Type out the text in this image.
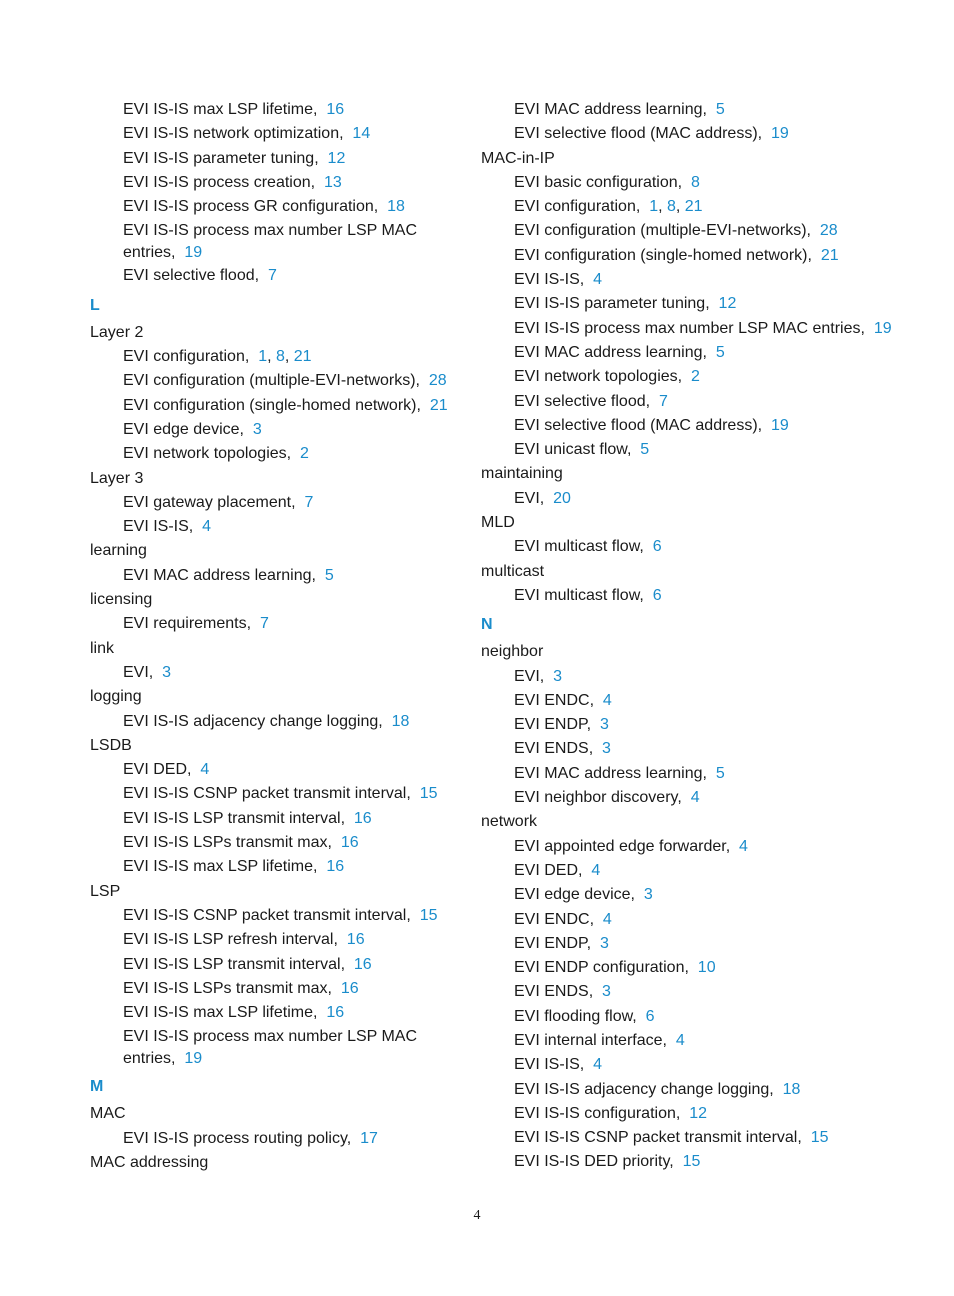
EVI IS-IS max LSP lifetime, 16
EVI IS-IS network optimization, 14
EVI IS-IS parameter tuning, 12
EVI IS-IS process creation, 13
EVI IS-IS process GR configuration, 18
EVI IS-IS process max number LSP MAC entries, 19
EVI selective flood, 7
L
Layer 2
EVI configuration, 1, 8, 21
EVI configuration (multiple-EVI-networks), 28
EVI configuration (single-homed network), 21
EVI edge device, 3
EVI network topologies, 2
Layer 3
EVI gateway placement, 7
EVI IS-IS, 4
learning
EVI MAC address learning, 5
licensing
EVI requirements, 7
link
EVI, 3
logging
EVI IS-IS adjacency change logging, 18
LSDB
EVI DED, 4
EVI IS-IS CSNP packet transmit interval, 15
EVI IS-IS LSP transmit interval, 16
EVI IS-IS LSPs transmit max, 16
EVI IS-IS max LSP lifetime, 16
LSP
EVI IS-IS CSNP packet transmit interval, 15
EVI IS-IS LSP refresh interval, 16
EVI IS-IS LSP transmit interval, 16
EVI IS-IS LSPs transmit max, 16
EVI IS-IS max LSP lifetime, 16
EVI IS-IS process max number LSP MAC entries, 19
M
MAC
EVI IS-IS process routing policy, 17
MAC addressing
EVI MAC address learning, 5
EVI selective flood (MAC address), 19
MAC-in-IP
EVI basic configuration, 8
EVI configuration, 1, 8, 21
EVI configuration (multiple-EVI-networks), 28
EVI configuration (single-homed network), 21
EVI IS-IS, 4
EVI IS-IS parameter tuning, 12
EVI IS-IS process max number LSP MAC entries, 19
EVI MAC address learning, 5
EVI network topologies, 2
EVI selective flood, 7
EVI selective flood (MAC address), 19
EVI unicast flow, 5
maintaining
EVI, 20
MLD
EVI multicast flow, 6
multicast
EVI multicast flow, 6
N
neighbor
EVI, 3
EVI ENDC, 4
EVI ENDP, 3
EVI ENDS, 3
EVI MAC address learning, 5
EVI neighbor discovery, 4
network
EVI appointed edge forwarder, 4
EVI DED, 4
EVI edge device, 3
EVI ENDC, 4
EVI ENDP, 3
EVI ENDP configuration, 10
EVI ENDS, 3
EVI flooding flow, 6
EVI internal interface, 4
EVI IS-IS, 4
EVI IS-IS adjacency change logging, 18
EVI IS-IS configuration, 12
EVI IS-IS CSNP packet transmit interval, 15
EVI IS-IS DED priority, 15
4
